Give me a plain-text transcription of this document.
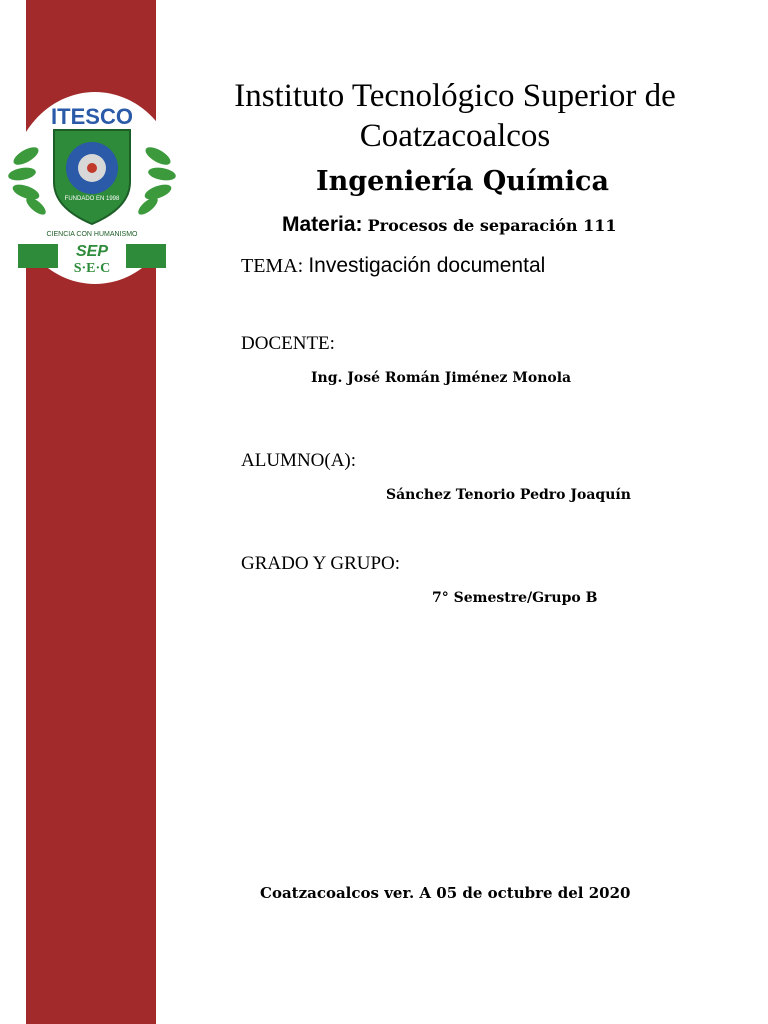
ITESCO
FUNDADO EN 1998
CIENCIA CON HUMANISMO
SEP
S·E·C
Instituto Tecnológico Superior de
Coatzacoalcos
Ingeniería Química
Materia: Procesos de separación 111
TEMA: Investigación documental
DOCENTE:
Ing. José Román Jiménez Monola
ALUMNO(A):
Sánchez Tenorio Pedro Joaquín
GRADO Y GRUPO:
7° Semestre/Grupo B
Coatzacoalcos ver. A 05 de octubre del 2020
